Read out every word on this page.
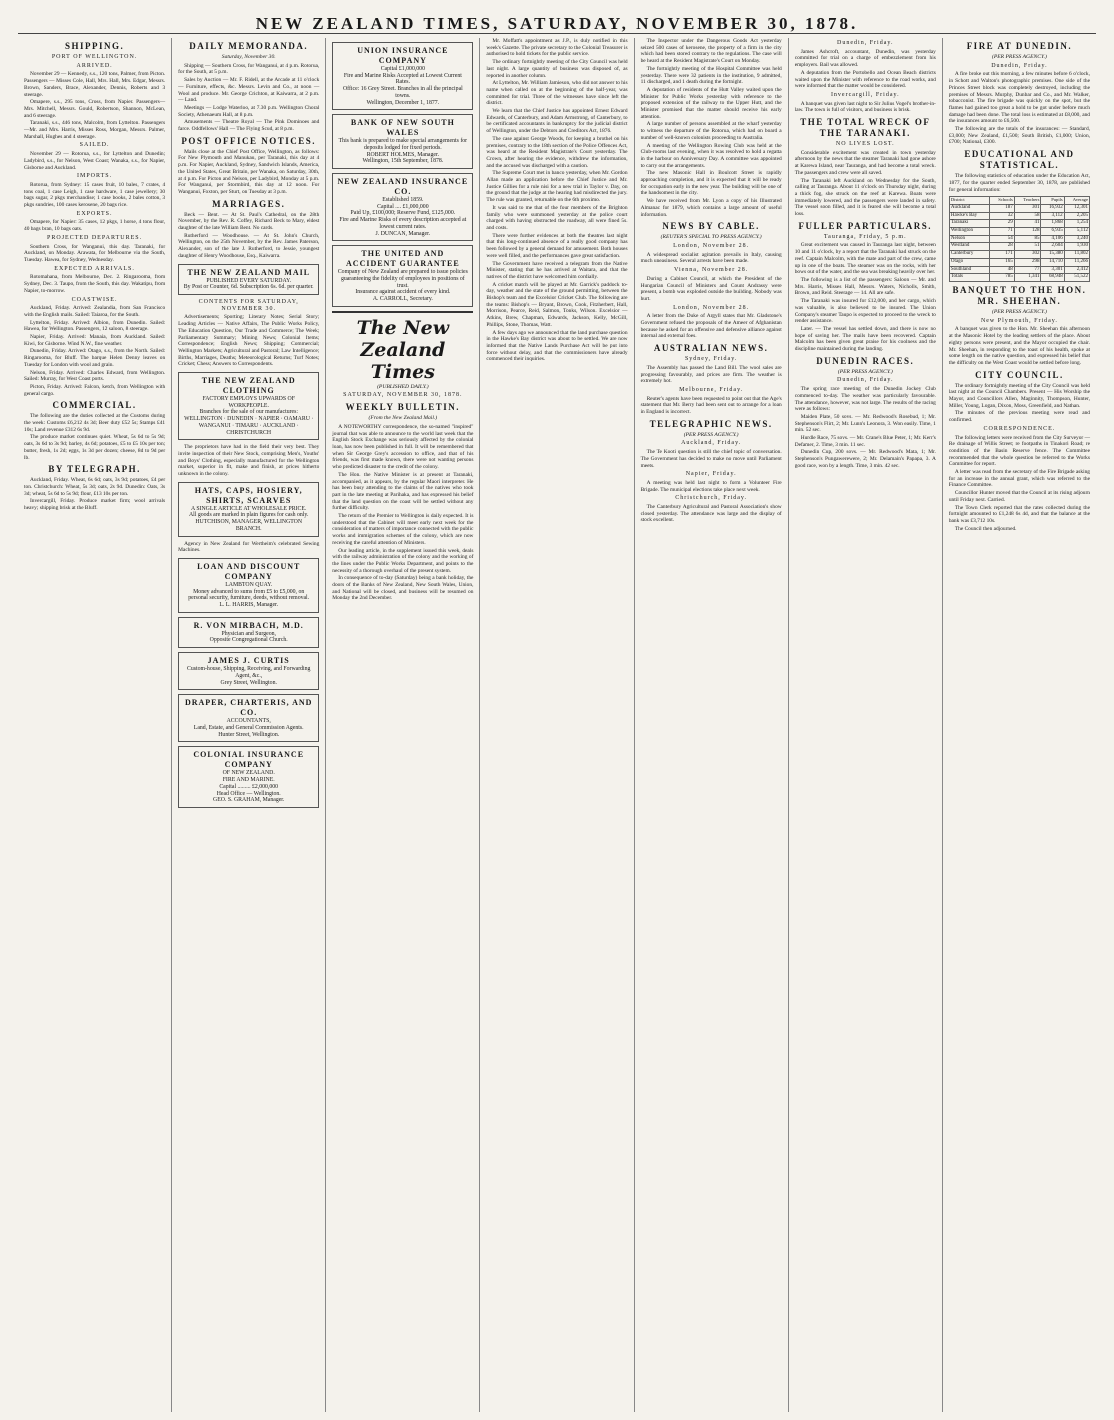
NEW ZEALAND TIMES, SATURDAY, NOVEMBER 30, 1878.
SHIPPING.
PORT OF WELLINGTON.
ARRIVED.

November 29 — Kennedy, s.s., 120 tons, Palmer, from Picton. Passengers — Misses Cole, Hall, Mrs. Hall, Mrs. Edgar, Messrs. Brown, Sanders, Brace, Alexander, Dennis, Roberts and 3 steerage.

Omapere, s.s., 295 tons, Cross, from Napier. Passengers—Mrs. Mitchell, Messrs. Gould, Robertson, Shannon, McLean, and 6 steerage.

Taranaki, s.s., 446 tons, Malcolm, from Lyttelton. Passengers—Mr. and Mrs. Harris, Misses Ross, Morgan, Messrs. Palmer, Marshall, Hughes and 4 steerage.

SAILED.

November 29 — Rotorua, s.s., for Lyttelton and Dunedin; Ladybird, s.s., for Nelson, West Coast; Wanaka, s.s., for Napier, Gisborne and Auckland.

IMPORTS.

Rotorua, from Sydney: 15 cases fruit, 10 bales, 7 crates, 4 tons coal, 1 case Leigh, 1 case hardware, 1 case jewellery; 30 bags sugar, 2 pkgs merchandise; 1 case books, 2 bales cotton, 3 pkgs sundries, 100 cases kerosene, 20 bags rice.

EXPORTS.

Omapere, for Napier: 35 cases, 12 pkgs, 1 horse, 4 tons flour, 40 bags bran, 10 bags oats.

PROJECTED DEPARTURES.

Southern Cross, for Wanganui, this day. Taranaki, for Auckland, on Monday. Arawata, for Melbourne via the South, Tuesday. Hawea, for Sydney, Wednesday.

EXPECTED ARRIVALS.

Rotomahana, from Melbourne, Dec. 2. Ringarooma, from Sydney, Dec. 3. Taupo, from the South, this day. Wakatipu, from Napier, to-morrow.

COASTWISE.

Auckland, Friday. Arrived: Zealandia, from San Francisco with the English mails. Sailed: Taiaroa, for the South.

Lyttelton, Friday. Arrived: Albion, from Dunedin. Sailed: Hawea, for Wellington. Passengers, 12 saloon, 8 steerage.

Napier, Friday. Arrived: Manaia, from Auckland. Sailed: Kiwi, for Gisborne. Wind N.W., fine weather.

Dunedin, Friday. Arrived: Otago, s.s., from the North. Sailed: Ringarooma, for Bluff. The barque Helen Denny leaves on Tuesday for London with wool and grain.

Nelson, Friday. Arrived: Charles Edward, from Wellington. Sailed: Murray, for West Coast ports.

Picton, Friday. Arrived: Falcon, ketch, from Wellington with general cargo.

COMMERCIAL.

The following are the duties collected at the Customs during the week: Customs £6,212 4s 3d; Beer duty £52 5s; Stamps £41 10s; Land revenue £312 6s 9d.

The produce market continues quiet. Wheat, 5s 6d to 5s 9d; oats, 3s 6d to 3s 9d; barley, 4s 6d; potatoes, £5 to £5 10s per ton; butter, fresh, 1s 2d; eggs, 1s 3d per dozen; cheese, 8d to 9d per lb.

BY TELEGRAPH.

Auckland, Friday. Wheat, 6s 6d; oats, 3s 9d; potatoes, £4 per ton. Christchurch: Wheat, 5s 3d; oats, 2s 9d. Dunedin: Oats, 3s 3d; wheat, 5s 6d to 5s 9d; flour, £13 10s per ton.

Invercargill, Friday. Produce market firm; wool arrivals heavy; shipping brisk at the Bluff.

DAILY MEMORANDA.
Saturday, November 30.

Shipping — Southern Cross, for Wanganui, at 4 p.m. Rotorua, for the South, at 5 p.m.

Sales by Auction — Mr. F. Ridell, at the Arcade at 11 o'clock — Furniture, effects, &c. Messrs. Levin and Co., at noon — Wool and produce. Mr. George Crichton, at Kaiwarra, at 2 p.m. — Land.

Meetings — Lodge Waterloo, at 7.30 p.m. Wellington Choral Society, Athenaeum Hall, at 8 p.m.

Amusements — Theatre Royal — The Pink Dominoes and farce. Oddfellows' Hall — The Flying Scud, at 8 p.m.

POST OFFICE NOTICES.

Mails close at the Chief Post Office, Wellington, as follows: For New Plymouth and Manukau, per Taranaki, this day at 4 p.m. For Napier, Auckland, Sydney, Sandwich Islands, America, the United States, Great Britain, per Wanaka, on Saturday, 30th, at 4 p.m. For Picton and Nelson, per Ladybird, Monday at 5 p.m. For Wanganui, per Stormbird, this day at 12 noon. For Wanganui, Foxton, per Sturt, on Tuesday at 3 p.m.

MARRIAGES.

Beck — Bent. — At St. Paul's Cathedral, on the 28th November, by the Rev. R. Coffey, Richard Beck to Mary, eldest daughter of the late William Bent. No cards.

Rutherford — Woodhouse. — At St. John's Church, Wellington, on the 25th November, by the Rev. James Paterson, Alexander, son of the late J. Rutherford, to Jessie, youngest daughter of Henry Woodhouse, Esq., Kaiwarra.

THE NEW ZEALAND MAIL
PUBLISHED EVERY SATURDAY.
By Post or Counter, 6d. Subscription 6s. 6d. per quarter.
CONTENTS FOR SATURDAY, NOVEMBER 30.

Advertisements; Sporting; Literary Notes; Serial Story; Leading Articles — Native Affairs, The Public Works Policy, The Education Question, Our Trade and Commerce; The Week; Parliamentary Summary; Mining News; Colonial Items; Correspondence; English News; Shipping; Commercial; Wellington Markets; Agricultural and Pastoral; Law Intelligence; Births, Marriages, Deaths; Meteorological Returns; Turf Notes; Cricket; Chess; Answers to Correspondents.

THE NEW ZEALAND CLOTHING
FACTORY EMPLOYS UPWARDS OF
WORKPEOPLE.
Branches for the sale of our manufactures:
WELLINGTON · DUNEDIN · NAPIER · OAMARU · WANGANUI · TIMARU · AUCKLAND · CHRISTCHURCH

The proprietors have had in the field their very best. They invite inspection of their New Stock, comprising Men's, Youths' and Boys' Clothing, especially manufactured for the Wellington market, superior in fit, make and finish, at prices hitherto unknown in the colony.

HATS, CAPS, HOSIERY, SHIRTS, SCARVES
A SINGLE ARTICLE AT WHOLESALE PRICE.
All goods are marked in plain figures for cash only.
HUTCHISON, MANAGER, WELLINGTON BRANCH.

Agency in New Zealand for Wertheim's celebrated Sewing Machines.

LOAN AND DISCOUNT COMPANY
LAMBTON QUAY.
Money advanced to sums from £5 to £5,000, on personal security, furniture, deeds, without removal.
L. L. HARRIS, Manager.
R. VON MIRBACH, M.D.
Physician and Surgeon,
Opposite Congregational Church.
JAMES J. CURTIS
Custom-house, Shipping, Receiving, and Forwarding Agent, &c.,
Grey Street, Wellington.
DRAPER, CHARTERIS, AND CO.
ACCOUNTANTS,
Land, Estate, and General Commission Agents.
Hunter Street, Wellington.
COLONIAL INSURANCE COMPANY
OF NEW ZEALAND.
FIRE AND MARINE.
Capital ......... £2,000,000
Head Office — Wellington.
GEO. S. GRAHAM, Manager.
UNION INSURANCE COMPANY
Capital £1,000,000
Fire and Marine Risks Accepted at Lowest Current Rates.
Office: 16 Grey Street. Branches in all the principal towns.
Wellington, December 1, 1877.
BANK OF NEW SOUTH WALES
This bank is prepared to make special arrangements for deposits lodged for fixed periods.
ROBERT HOLMES, Manager.
Wellington, 15th September, 1878.
NEW ZEALAND INSURANCE CO.
Established 1859.
Capital .... £1,000,000
Paid Up, £100,000; Reserve Fund, £125,000.
Fire and Marine Risks of every description accepted at lowest current rates.
J. DUNCAN, Manager.
THE UNITED AND ACCIDENT GUARANTEE
Company of New Zealand are prepared to issue policies guaranteeing the fidelity of employees in positions of trust.
Insurance against accident of every kind.
A. CARROLL, Secretary.
The New Zealand Times
(PUBLISHED DAILY.)
SATURDAY, NOVEMBER 30, 1878.
WEEKLY BULLETIN.
(From the New Zealand Mail.)

A NOTEWORTHY correspondence, the so-named "inspired" journal that was able to announce to the world last week that the English Stock Exchange was seriously affected by the colonial loan, has now been published in full. It will be remembered that when Sir George Grey's accession to office, and that of his friends, was first made known, there were not wanting persons who predicted disaster to the credit of the colony.

The Hon. the Native Minister is at present at Taranaki, accompanied, as it appears, by the regular Maori interpreter. He has been busy attending to the claims of the natives who took part in the late meeting at Parihaka, and has expressed his belief that the land question on the coast will be settled without any further difficulty.

The return of the Premier to Wellington is daily expected. It is understood that the Cabinet will meet early next week for the consideration of matters of importance connected with the public works and immigration schemes of the colony, which are now receiving the careful attention of Ministers.

Our leading article, in the supplement issued this week, deals with the railway administration of the colony and the working of the lines under the Public Works Department, and points to the necessity of a thorough overhaul of the present system.

In consequence of to-day (Saturday) being a bank holiday, the doors of the Banks of New Zealand, New South Wales, Union, and National will be closed, and business will be resumed on Monday the 2nd December.

Mr. Moffatt's appointment as J.P., is duly notified in this week's Gazette. The private secretary to the Colonial Treasurer is authorised to hold tickets for the public service.

The ordinary fortnightly meeting of the City Council was held last night. A large quantity of business was disposed of, as reported in another column.

At Lyttelton, Mr. William Jamieson, who did not answer to his name when called on at the beginning of the half-year, was committed for trial. Three of the witnesses have since left the district.

We learn that the Chief Justice has appointed Ernest Edward Edwards, of Canterbury, and Adam Armstrong, of Canterbury, to be certificated accountants in bankruptcy for the judicial district of Wellington, under the Debtors and Creditors Act, 1876.

The case against George Woods, for keeping a brothel on his premises, contrary to the 18th section of the Police Offences Act, was heard at the Resident Magistrate's Court yesterday. The Crown, after hearing the evidence, withdrew the information, and the accused was discharged with a caution.

The Supreme Court met in banco yesterday, when Mr. Gordon Allan made an application before the Chief Justice and Mr. Justice Gillies for a rule nisi for a new trial in Taylor v. Day, on the ground that the judge at the hearing had misdirected the jury. The rule was granted, returnable on the 6th proximo.

It was said to me that of the four members of the Brighton family who were summoned yesterday at the police court charged with having obstructed the roadway, all were fined 5s. and costs.

There were further evidences at both the theatres last night that this long-continued absence of a really good company has been followed by a general demand for amusement. Both houses were well filled, and the performances gave great satisfaction.

The Government have received a telegram from the Native Minister, stating that he has arrived at Waitara, and that the natives of the district have welcomed him cordially.

A cricket match will be played at Mr. Garrick's paddock to-day, weather and the state of the ground permitting, between the Bishop's team and the Excelsior Cricket Club. The following are the teams: Bishop's — Bryant, Brown, Cook, Fitzherbert, Hall, Morrison, Pearce, Reid, Salmon, Tonks, Wilson. Excelsior — Atkins, Brew, Chapman, Edwards, Jackson, Kelly, McGill, Phillips, Stone, Thomas, Watt.

A few days ago we announced that the land purchase question in the Hawke's Bay district was about to be settled. We are now informed that the Native Lands Purchase Act will be put into force without delay, and that the commissioners have already commenced their inquiries.

The Inspector under the Dangerous Goods Act yesterday seized 500 cases of kerosene, the property of a firm in the city which had been stored contrary to the regulations. The case will be heard at the Resident Magistrate's Court on Monday.

The fortnightly meeting of the Hospital Committee was held yesterday. There were 32 patients in the institution, 9 admitted, 11 discharged, and 1 death during the fortnight.

A deputation of residents of the Hutt Valley waited upon the Minister for Public Works yesterday with reference to the proposed extension of the railway to the Upper Hutt, and the Minister promised that the matter should receive his early attention.

A large number of persons assembled at the wharf yesterday to witness the departure of the Rotorua, which had on board a number of well-known colonists proceeding to Australia.

A meeting of the Wellington Rowing Club was held at the Club-rooms last evening, when it was resolved to hold a regatta in the harbour on Anniversary Day. A committee was appointed to carry out the arrangements.

The new Masonic Hall in Boulcott Street is rapidly approaching completion, and it is expected that it will be ready for occupation early in the new year. The building will be one of the handsomest in the city.

We have received from Mr. Lyon a copy of his Illustrated Almanac for 1879, which contains a large amount of useful information.

NEWS BY CABLE.
(REUTER'S SPECIAL TO PRESS AGENCY.)
London, November 28.

A widespread socialist agitation prevails in Italy, causing much uneasiness. Several arrests have been made.

Vienna, November 28.

During a Cabinet Council, at which the President of the Hungarian Council of Ministers and Count Andrassy were present, a bomb was exploded outside the building. Nobody was hurt.

London, November 28.

A letter from the Duke of Argyll states that Mr. Gladstone's Government refused the proposals of the Ameer of Afghanistan because he asked for an offensive and defensive alliance against internal and external foes.

AUSTRALIAN NEWS.
Sydney, Friday.

The Assembly has passed the Land Bill. The wool sales are progressing favourably, and prices are firm. The weather is extremely hot.

Melbourne, Friday.

Reuter's agents have been requested to point out that the Age's statement that Mr. Berry had been sent out to arrange for a loan in England is incorrect.

TELEGRAPHIC NEWS.
(PER PRESS AGENCY.)
Auckland, Friday.

The Te Kooti question is still the chief topic of conversation. The Government has decided to make no move until Parliament meets.

Napier, Friday.

A meeting was held last night to form a Volunteer Fire Brigade. The municipal elections take place next week.

Christchurch, Friday.

The Canterbury Agricultural and Pastoral Association's show closed yesterday. The attendance was large and the display of stock excellent.

Dunedin, Friday.

James Ashcroft, accountant, Dunedin, was yesterday committed for trial on a charge of embezzlement from his employers. Bail was allowed.

A deputation from the Portobello and Ocean Beach districts waited upon the Minister with reference to the road works, and were informed that the matter would be considered.

Invercargill, Friday.

A banquet was given last night to Sir Julius Vogel's brother-in-law. The town is full of visitors, and business is brisk.

THE TOTAL WRECK OF THE TARANAKI.
NO LIVES LOST.

Considerable excitement was created in town yesterday afternoon by the news that the steamer Taranaki had gone ashore at Karewa Island, near Tauranga, and had become a total wreck. The passengers and crew were all saved.

The Taranaki left Auckland on Wednesday for the South, calling at Tauranga. About 11 o'clock on Thursday night, during a thick fog, she struck on the reef at Karewa. Boats were immediately lowered, and the passengers were landed in safety. The vessel soon filled, and it is feared she will become a total loss.

FULLER PARTICULARS.
Tauranga, Friday, 5 p.m.

Great excitement was caused in Tauranga last night, between 10 and 11 o'clock, by a report that the Taranaki had struck on the reef. Captain Malcolm, with the mate and part of the crew, came up in one of the boats. The steamer was on the rocks, with her bows out of the water, and the sea was breaking heavily over her.

The following is a list of the passengers: Saloon — Mr. and Mrs. Harris, Misses Hall, Messrs. Waters, Nicholls, Smith, Brown, and Reid. Steerage — 14. All are safe.

The Taranaki was insured for £12,000, and her cargo, which was valuable, is also believed to be insured. The Union Company's steamer Taupo is expected to proceed to the wreck to render assistance.

Later. — The vessel has settled down, and there is now no hope of saving her. The mails have been recovered. Captain Malcolm has been given great praise for his coolness and the discipline maintained during the landing.

DUNEDIN RACES.
(PER PRESS AGENCY.)
Dunedin, Friday.

The spring race meeting of the Dunedin Jockey Club commenced to-day. The weather was particularly favourable. The attendance, however, was not large. The results of the racing were as follows:

Maiden Plate, 50 sovs. — Mr. Redwood's Rosebud, 1; Mr. Stephenson's Flirt, 2; Mr. Lunn's Leonora, 3. Won easily. Time, 1 min. 52 sec.

Hurdle Race, 75 sovs. — Mr. Crane's Blue Peter, 1; Mr. Kerr's Defamer, 2. Time, 3 min. 11 sec.

Dunedin Cup, 200 sovs. — Mr. Redwood's Mata, 1; Mr. Stephenson's Pungawerewere, 2; Mr. Delamain's Papapa, 3. A good race, won by a length. Time, 3 min. 42 sec.

FIRE AT DUNEDIN.
(PER PRESS AGENCY.)
Dunedin, Friday.

A fire broke out this morning, a few minutes before 6 o'clock, in Schott and Walton's photographic premises. One side of the Princes Street block was completely destroyed, including the premises of Messrs. Murphy, Dunbar and Co., and Mr. Walker, tobacconist. The fire brigade was quickly on the spot, but the flames had gained too great a hold to be got under before much damage had been done. The total loss is estimated at £8,000, and the insurances amount to £6,500.

The following are the totals of the insurances: — Standard, £3,000; New Zealand, £1,500; South British, £1,000; Union, £700; National, £300.

EDUCATIONAL AND STATISTICAL.

The following statistics of education under the Education Act, 1877, for the quarter ended September 30, 1878, are published for general information:

District	Schools	Teachers	Pupils	Average
Auckland	187	301	16,932	12,301
Hawke's Bay	32	58	3,112	2,205
Taranaki	29	41	1,868	1,254
Wellington	71	128	6,935	5,112
Nelson	54	85	4,106	3,240
Westland	28	51	2,604	1,930
Canterbury	171	302	15,380	11,802
Otago	165	298	14,710	11,266
Southland	48	77	3,301	2,412
Totals	785	1,341	68,948	51,522
BANQUET TO THE HON. MR. SHEEHAN.
(PER PRESS AGENCY.)
New Plymouth, Friday.

A banquet was given to the Hon. Mr. Sheehan this afternoon at the Masonic Hotel by the leading settlers of the place. About eighty persons were present, and the Mayor occupied the chair. Mr. Sheehan, in responding to the toast of his health, spoke at some length on the native question, and expressed his belief that the difficulty on the West Coast would be settled before long.

CITY COUNCIL.

The ordinary fortnightly meeting of the City Council was held last night at the Council Chambers. Present — His Worship the Mayor, and Councillors Allen, Maginnity, Thompson, Hunter, Miller, Young, Logan, Dixon, Moss, Greenfield, and Nathan.

The minutes of the previous meeting were read and confirmed.

CORRESPONDENCE.

The following letters were received from the City Surveyor — Re drainage of Willis Street; re footpaths in Tinakori Road; re condition of the Basin Reserve fence. The Committee recommended that the whole question be referred to the Works Committee for report.

A letter was read from the secretary of the Fire Brigade asking for an increase in the annual grant, which was referred to the Finance Committee.

Councillor Hunter moved that the Council at its rising adjourn until Friday next. Carried.

The Town Clerk reported that the rates collected during the fortnight amounted to £1,248 6s 4d, and that the balance at the bank was £3,712 10s.

The Council then adjourned.
